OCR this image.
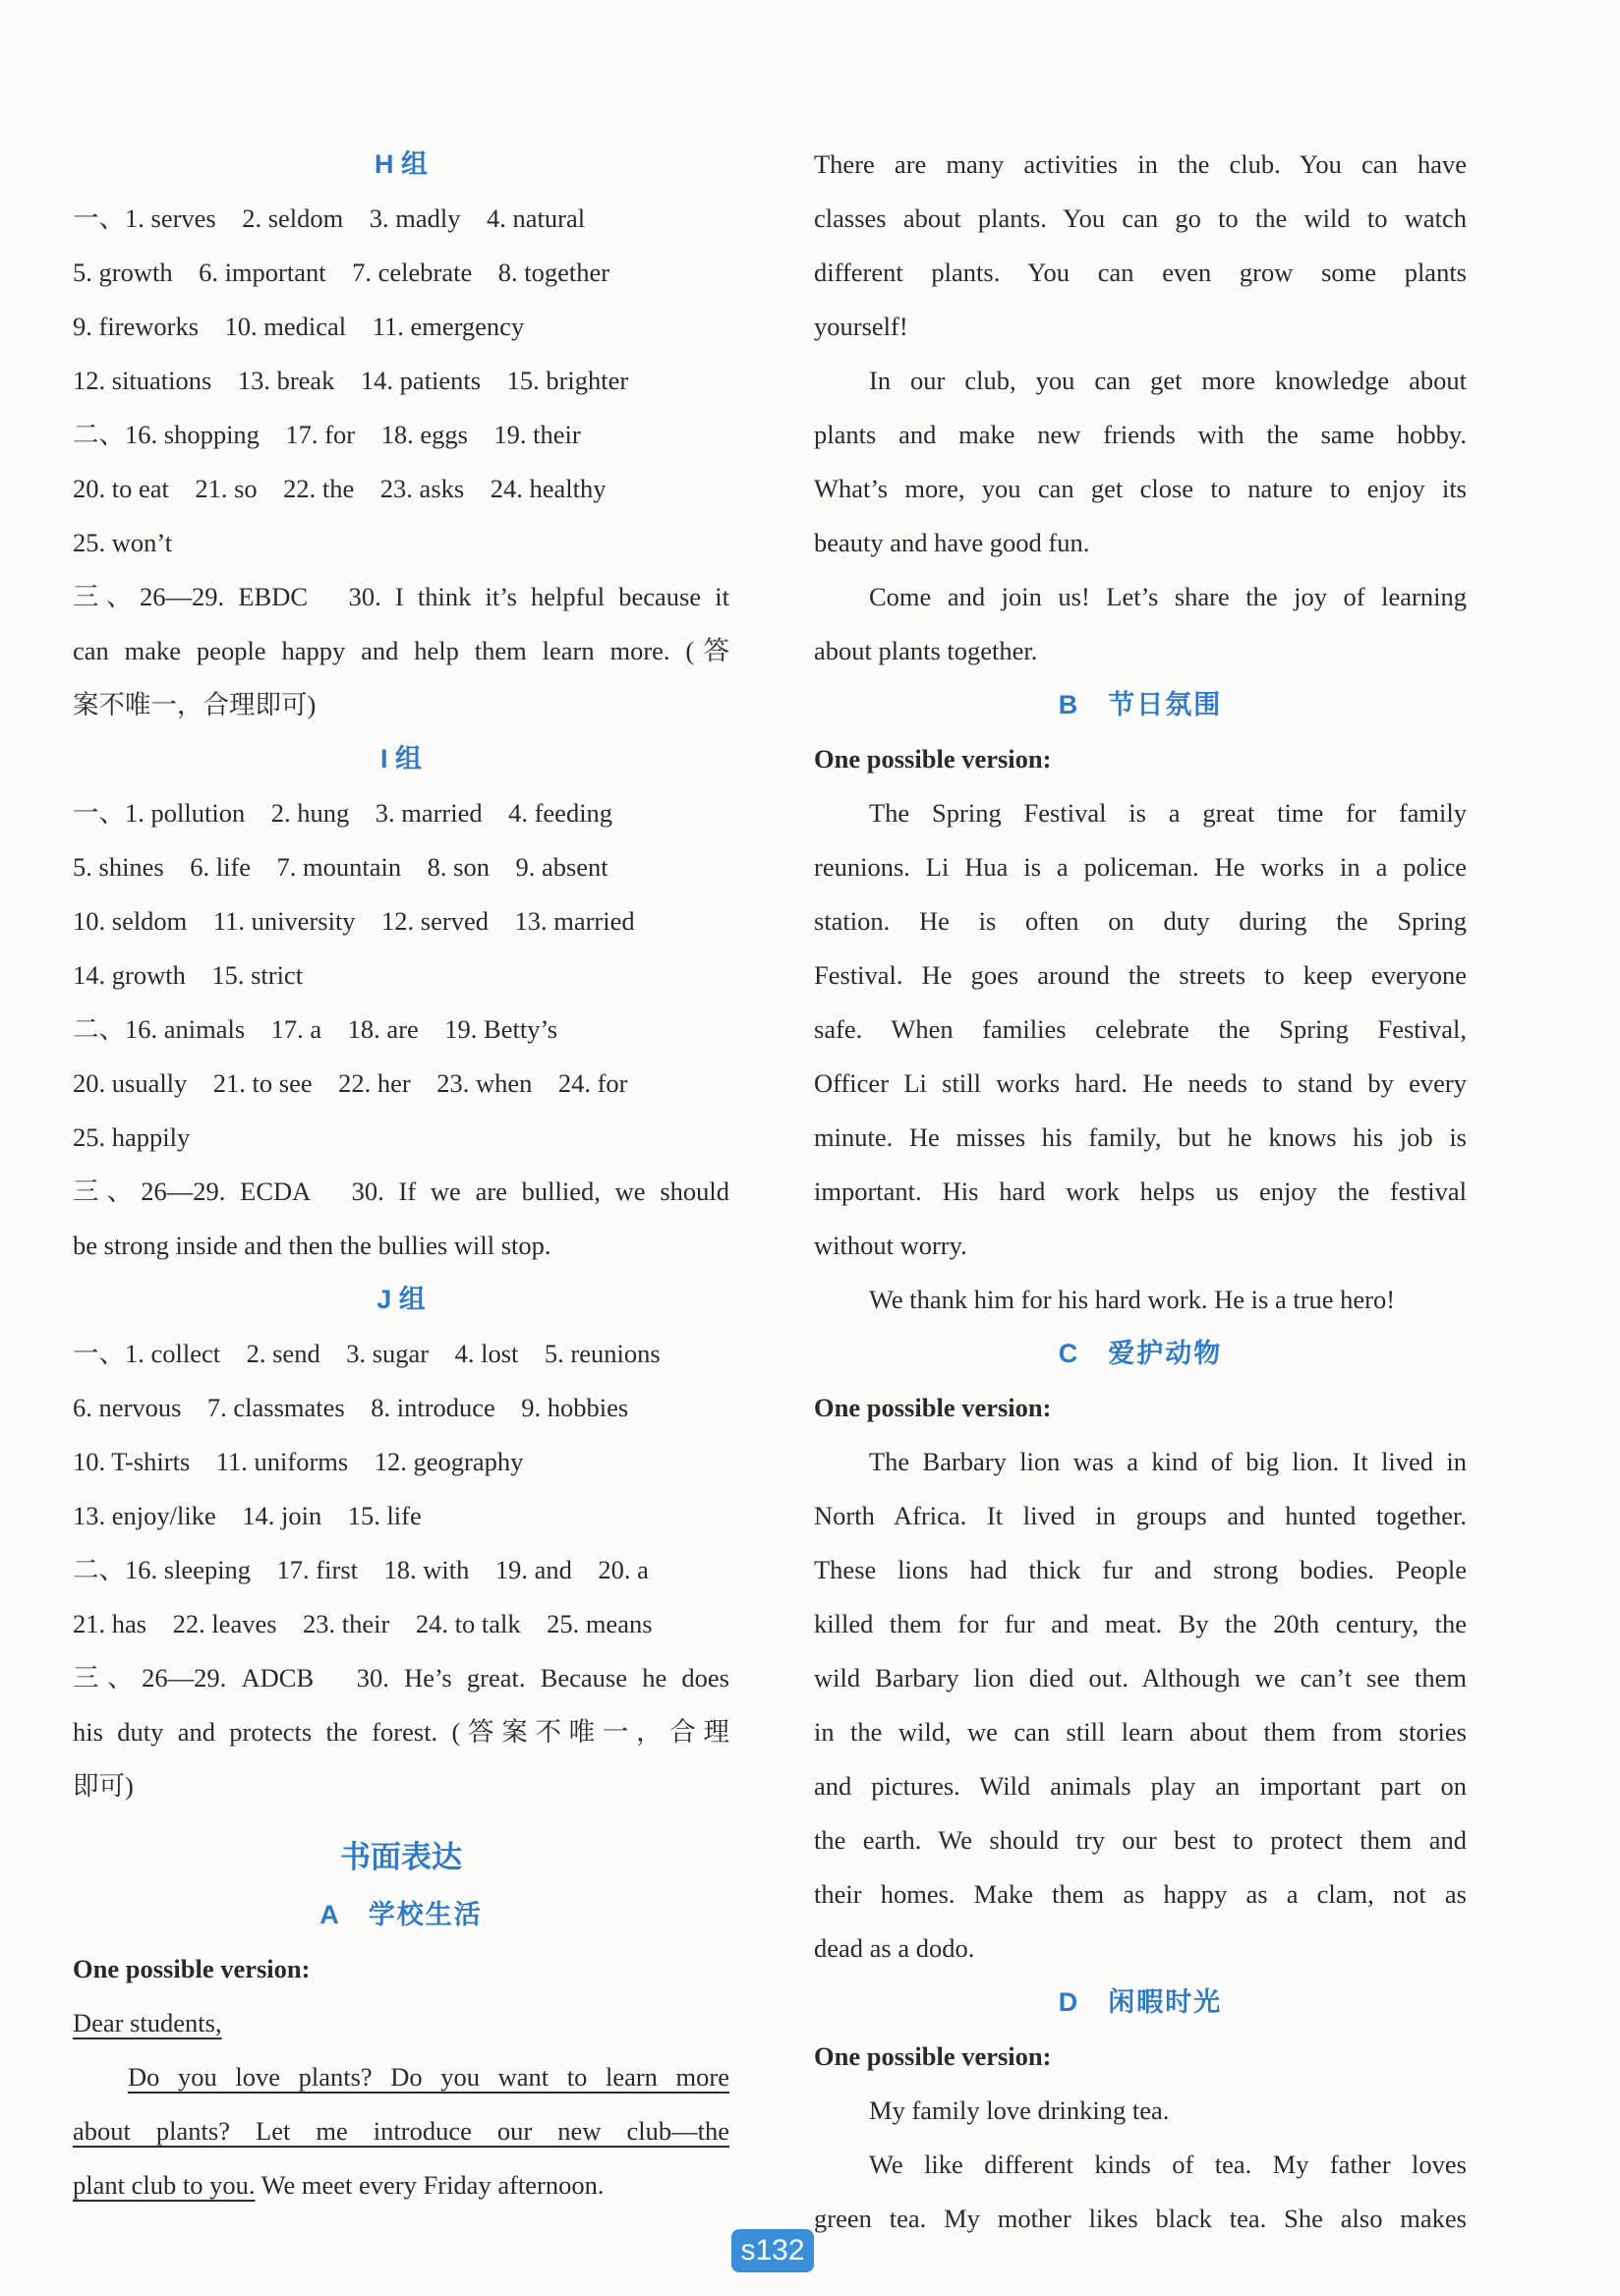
H 组
一、1. serves　2. seldom　3. madly　4. natural
5. growth　6. important　7. celebrate　8. together
9. fireworks　10. medical　11. emergency
12. situations　13. break　14. patients　15. brighter
二、16. shopping　17. for　18. eggs　19. their
20. to eat　21. so　22. the　23. asks　24. healthy
25. won’t
三、26—29. EBDC　30. I think it’s helpful because it
can make people happy and help them learn more. (答
案不唯一，合理即可)
I 组
一、1. pollution　2. hung　3. married　4. feeding
5. shines　6. life　7. mountain　8. son　9. absent
10. seldom　11. university　12. served　13. married
14. growth　15. strict
二、16. animals　17. a　18. are　19. Betty’s
20. usually　21. to see　22. her　23. when　24. for
25. happily
三、26—29. ECDA　30. If we are bullied, we should
be strong inside and then the bullies will stop.
J 组
一、1. collect　2. send　3. sugar　4. lost　5. reunions
6. nervous　7. classmates　8. introduce　9. hobbies
10. T-shirts　11. uniforms　12. geography
13. enjoy/like　14. join　15. life
二、16. sleeping　17. first　18. with　19. and　20. a
21. has　22. leaves　23. their　24. to talk　25. means
三、26—29. ADCB　30. He’s great. Because he does
his duty and protects the forest. (答案不唯一，合理
即可)
书面表达
A　学校生活
One possible version:
Dear students,
Do you love plants? Do you want to learn more
about plants? Let me introduce our new club—the
plant club to you. We meet every Friday afternoon.
There are many activities in the club. You can have
classes about plants. You can go to the wild to watch
different plants. You can even grow some plants
yourself!
In our club, you can get more knowledge about
plants and make new friends with the same hobby.
What’s more, you can get close to nature to enjoy its
beauty and have good fun.
Come and join us! Let’s share the joy of learning
about plants together.
B　节日氛围
One possible version:
The Spring Festival is a great time for family
reunions. Li Hua is a policeman. He works in a police
station. He is often on duty during the Spring
Festival. He goes around the streets to keep everyone
safe. When families celebrate the Spring Festival,
Officer Li still works hard. He needs to stand by every
minute. He misses his family, but he knows his job is
important. His hard work helps us enjoy the festival
without worry.
We thank him for his hard work. He is a true hero!
C　爱护动物
One possible version:
The Barbary lion was a kind of big lion. It lived in
North Africa. It lived in groups and hunted together.
These lions had thick fur and strong bodies. People
killed them for fur and meat. By the 20th century, the
wild Barbary lion died out. Although we can’t see them
in the wild, we can still learn about them from stories
and pictures. Wild animals play an important part on
the earth. We should try our best to protect them and
their homes. Make them as happy as a clam, not as
dead as a dodo.
D　闲暇时光
One possible version:
My family love drinking tea.
We like different kinds of tea. My father loves
green tea. My mother likes black tea. She also makes
s132
